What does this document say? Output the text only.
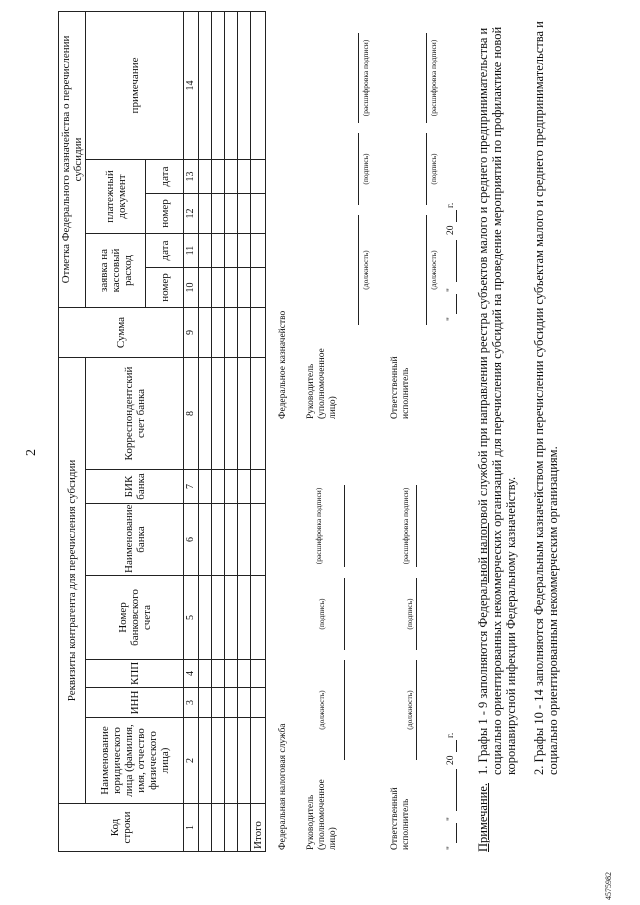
2
Код строки	Реквизиты контрагента для перечисления субсидии							Сумма	Отметка Федерального казначейства о перечислении субсидии				
	Наименование юридического лица (фамилия, имя, отчество физического лица)	ИНН	КПП	Номер банковского счета	Наименование банка	БИК банка	Корреспондентский счет банка		заявка на кассовый расход		платежный документ		примечание
									номер	дата	номер	дата	
1	2	3	4	5	6	7	8	9	10	11	12	13	14

Итого													Федеральная налоговая служба Руководитель (уполномоченное лицо)
(должность)
(подпись)
(расшифровка подписи)
Ответственный исполнитель
(должность)
(подпись)
(расшифровка подписи)
"
"
20
г.
Федеральное казначейство Руководитель (уполномоченное лицо)
(должность)
(подпись)
(расшифровка подписи)
Ответственный исполнитель
(должность)
(подпись)
(расшифровка подписи)
"
"
20
г.
Примечание.
1. Графы 1 - 9 заполняются Федеральной налоговой службой при направлении реестра субъектов малого и среднего предпринимательства и социально ориентированных некоммерческих организаций для перечисления субсидий на проведение мероприятий по профилактике новой коронавирусной инфекции Федеральному казначейству. 2. Графы 10 - 14 заполняются Федеральным казначейством при перечислении субсидии субъектам малого и среднего предпринимательства и социально ориентированным некоммерческим организациям.
4575982
